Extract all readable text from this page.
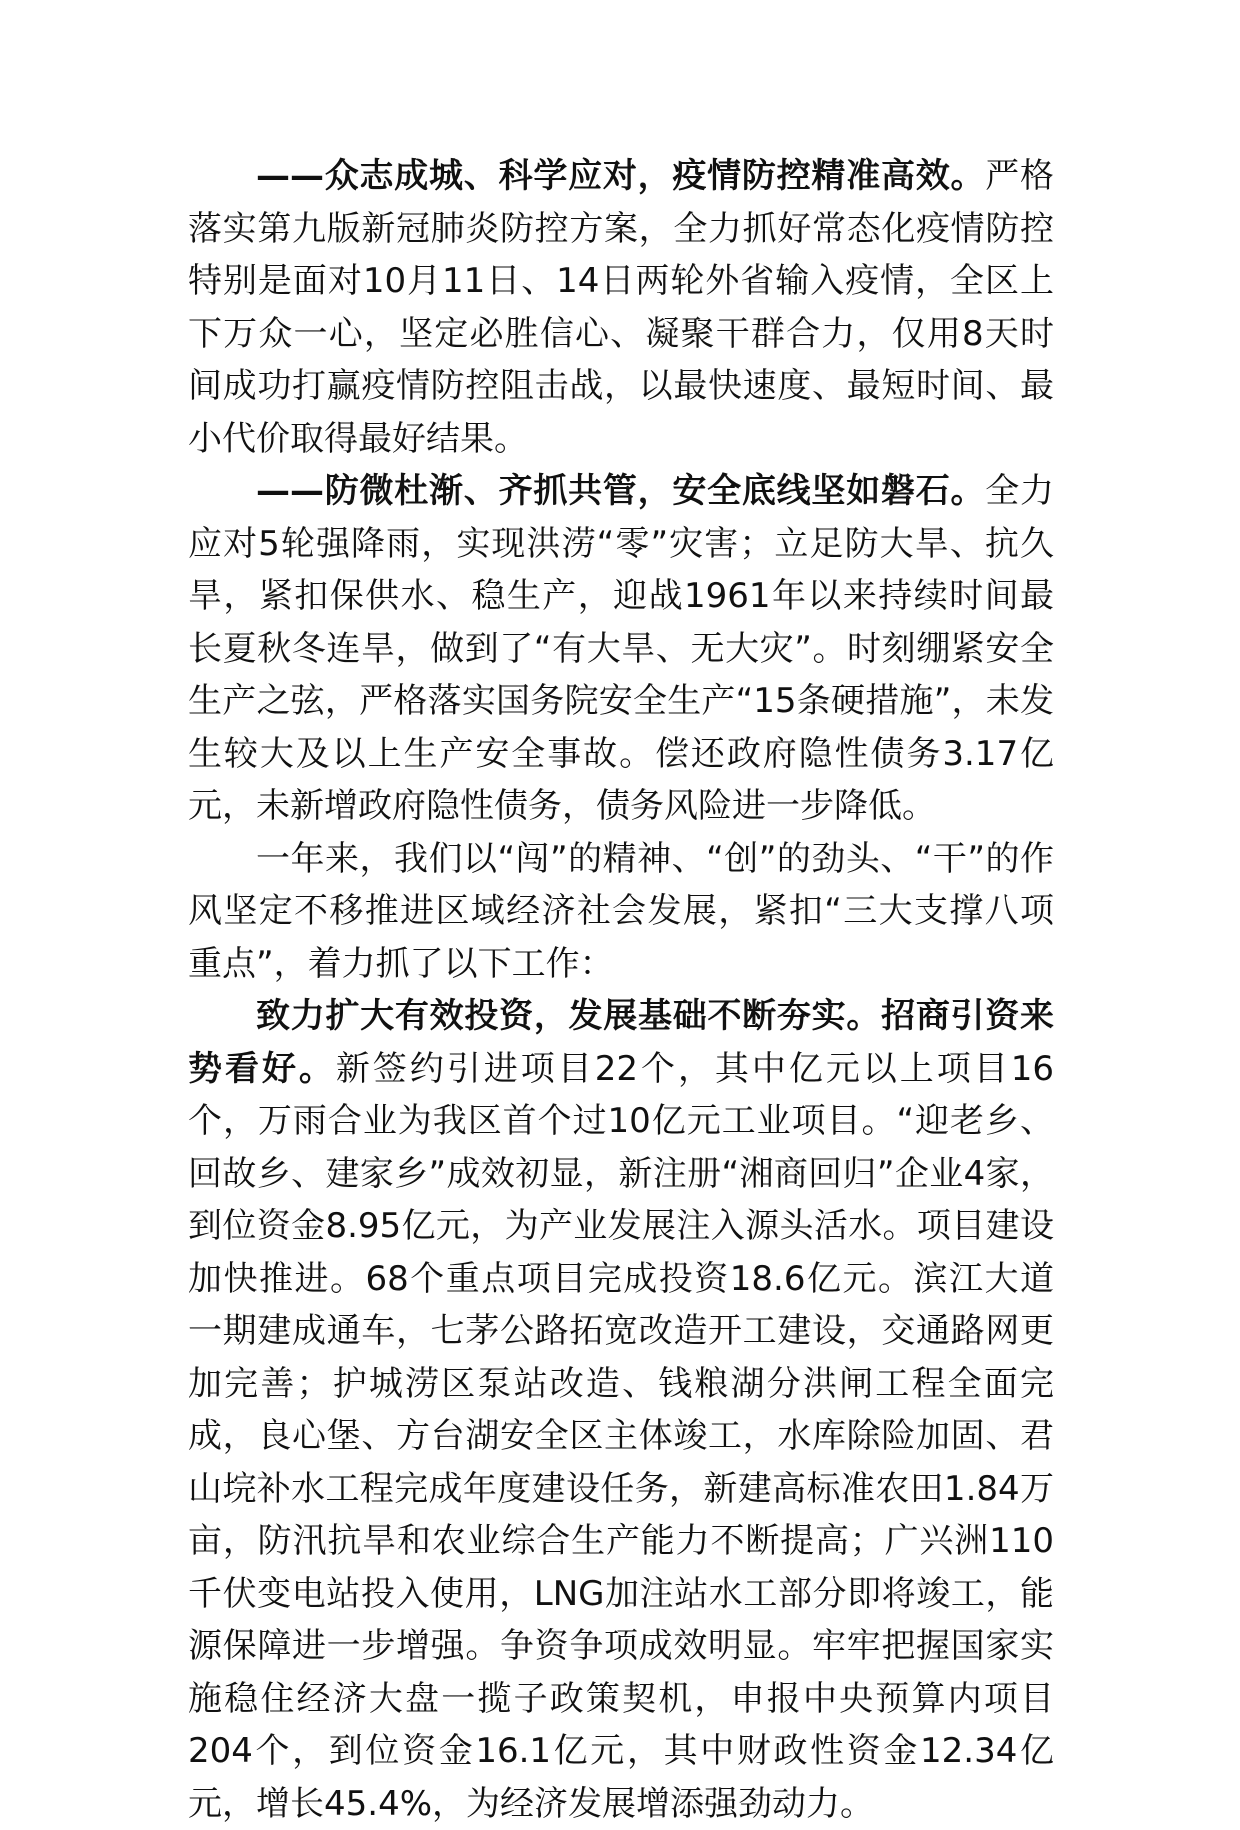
——众志成城、科学应对，疫情防控精准高效。严格落实第九版新冠肺炎防控方案，全力抓好常态化疫情防控特别是面对10月11日、14日两轮外省输入疫情，全区上下万众一心，坚定必胜信心、凝聚干群合力，仅用8天时间成功打赢疫情防控阻击战，以最快速度、最短时间、最小代价取得最好结果。

——防微杜渐、齐抓共管，安全底线坚如磐石。全力应对5轮强降雨，实现洪涝“零”灾害；立足防大旱、抗久旱，紧扣保供水、稳生产，迎战1961年以来持续时间最长夏秋冬连旱，做到了“有大旱、无大灾”。时刻绷紧安全生产之弦，严格落实国务院安全生产“15条硬措施”，未发生较大及以上生产安全事故。偿还政府隐性债务3.17亿元，未新增政府隐性债务，债务风险进一步降低。

一年来，我们以“闯”的精神、“创”的劲头、“干”的作风坚定不移推进区域经济社会发展，紧扣“三大支撑八项重点”，着力抓了以下工作：

致力扩大有效投资，发展基础不断夯实。招商引资来势看好。新签约引进项目22个，其中亿元以上项目16个，万雨合业为我区首个过10亿元工业项目。“迎老乡、回故乡、建家乡”成效初显，新注册“湘商回归”企业4家，到位资金8.95亿元，为产业发展注入源头活水。项目建设加快推进。68个重点项目完成投资18.6亿元。滨江大道一期建成通车，七茅公路拓宽改造开工建设，交通路网更加完善；护城涝区泵站改造、钱粮湖分洪闸工程全面完成，良心堡、方台湖安全区主体竣工，水库除险加固、君山垸补水工程完成年度建设任务，新建高标准农田1.84万亩，防汛抗旱和农业综合生产能力不断提高；广兴洲110千伏变电站投入使用，LNG加注站水工部分即将竣工，能源保障进一步增强。争资争项成效明显。牢牢把握国家实施稳住经济大盘一揽子政策契机，申报中央预算内项目204个，到位资金16.1亿元，其中财政性资金12.34亿元，增长45.4%，为经济发展增添强劲动力。
